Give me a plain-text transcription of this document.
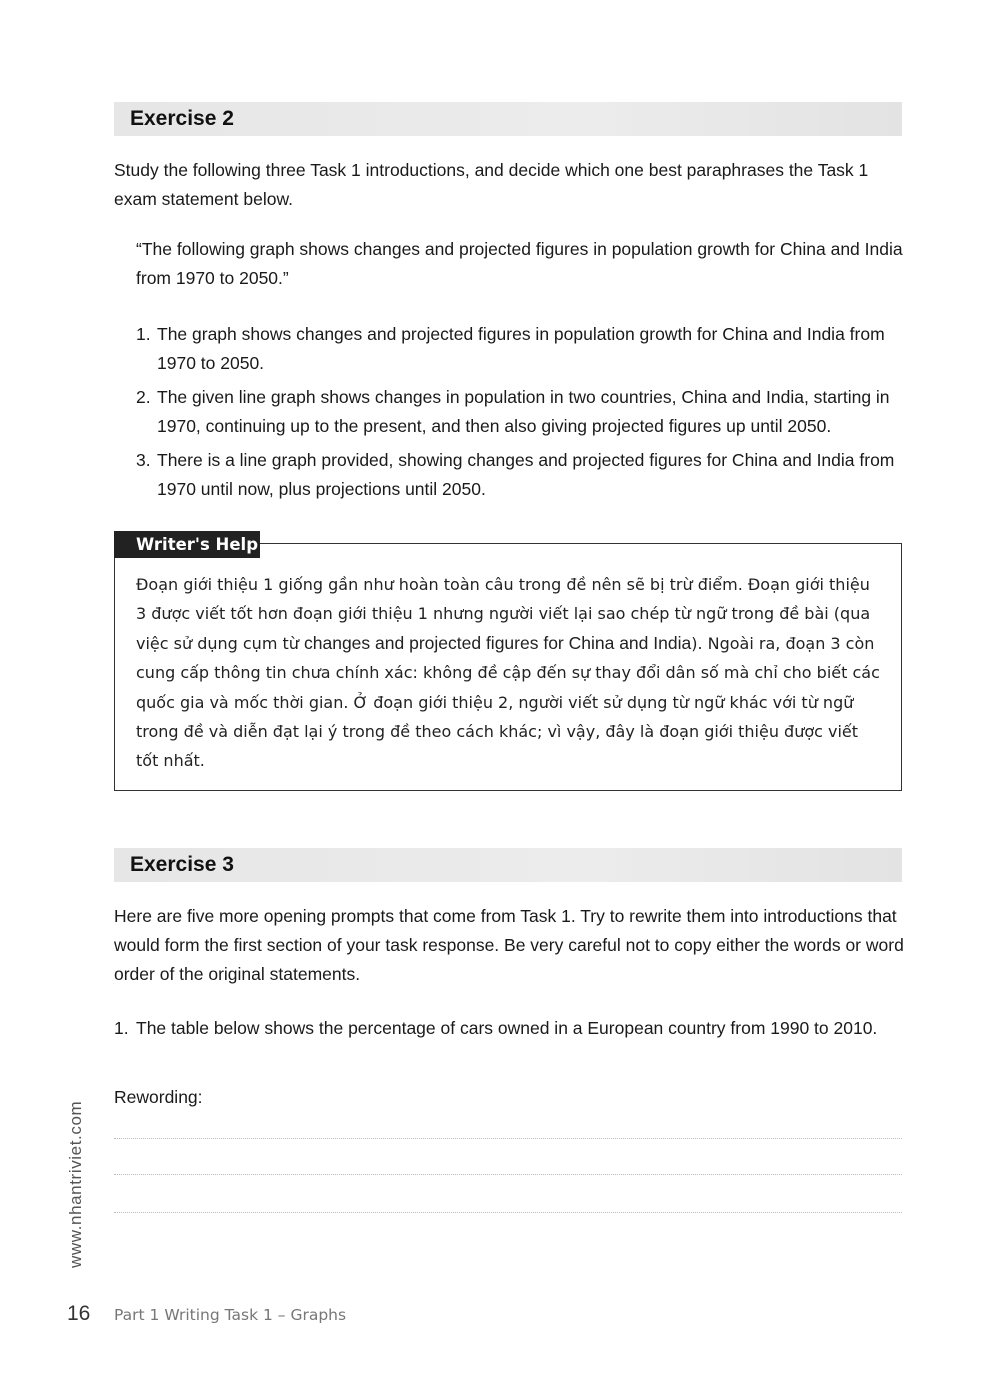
Exercise 2

Study the following three Task 1 introductions, and decide which one best paraphrases the Task 1 exam statement below.

“The following graph shows changes and projected figures in population growth for China and India from 1970 to 2050.”

1. The graph shows changes and projected figures in population growth for China and India from 1970 to 2050.
2. The given line graph shows changes in population in two countries, China and India, starting in 1970, continuing up to the present, and then also giving projected figures up until 2050.
3. There is a line graph provided, showing changes and projected figures for China and India from 1970 until now, plus projections until 2050.
Writer's Help

Đoạn giới thiệu 1 giống gần như hoàn toàn câu trong đề nên sẽ bị trừ điểm. Đoạn giới thiệu 3 được viết tốt hơn đoạn giới thiệu 1 nhưng người viết lại sao chép từ ngữ trong đề bài (qua việc sử dụng cụm từ changes and projected figures for China and India). Ngoài ra, đoạn 3 còn cung cấp thông tin chưa chính xác: không đề cập đến sự thay đổi dân số mà chỉ cho biết các quốc gia và mốc thời gian. Ở đoạn giới thiệu 2, người viết sử dụng từ ngữ khác với từ ngữ trong đề và diễn đạt lại ý trong đề theo cách khác; vì vậy, đây là đoạn giới thiệu được viết tốt nhất.

Exercise 3

Here are five more opening prompts that come from Task 1. Try to rewrite them into introductions that would form the first section of your task response. Be very careful not to copy either the words or word order of the original statements.

1. The table below shows the percentage of cars owned in a European country from 1990 to 2010.
Rewording:
www.nhantriviet.com
16 Part 1 Writing Task 1 – Graphs
